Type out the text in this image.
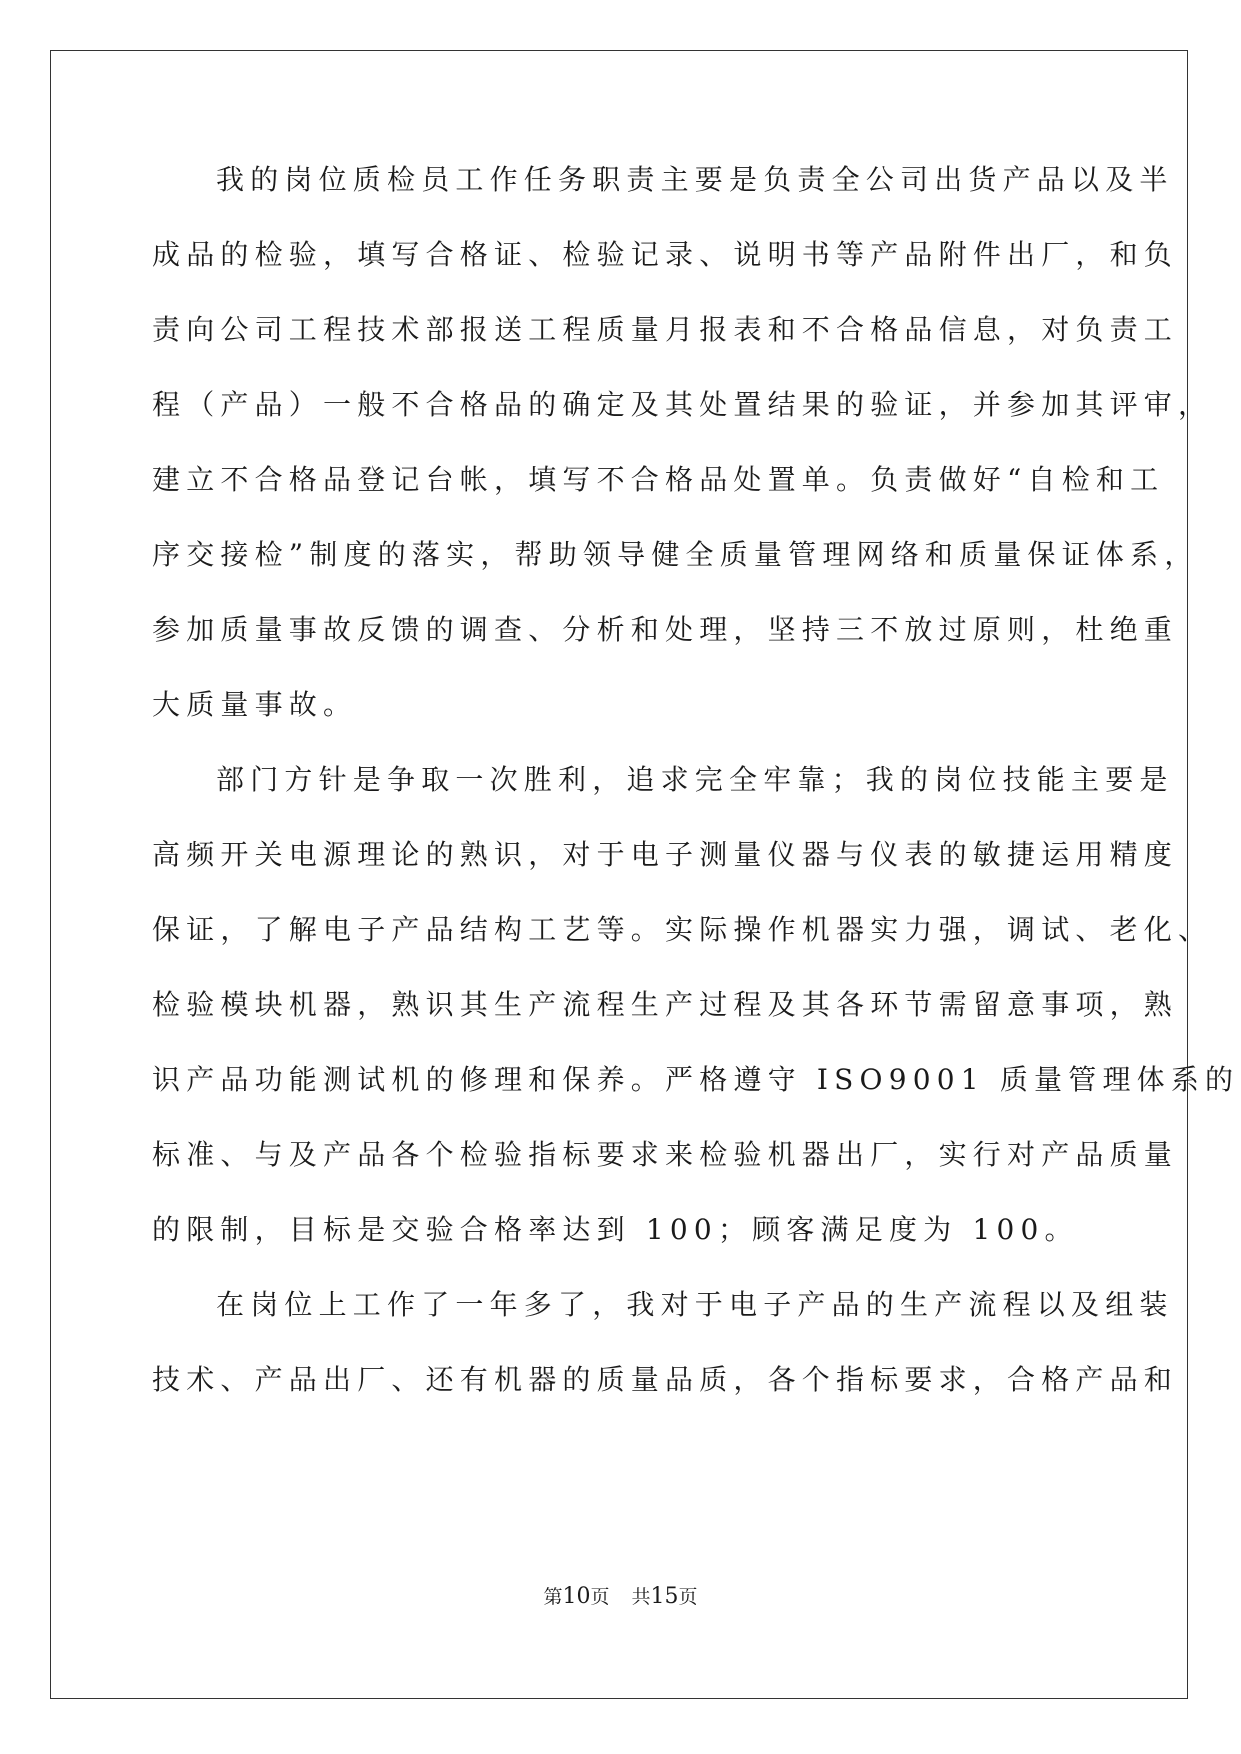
我的岗位质检员工作任务职责主要是负责全公司出货产品以及半
成品的检验，填写合格证、检验记录、说明书等产品附件出厂，和负
责向公司工程技术部报送工程质量月报表和不合格品信息，对负责工
程（产品）一般不合格品的确定及其处置结果的验证，并参加其评审，
建立不合格品登记台帐，填写不合格品处置单。负责做好“自检和工
序交接检”制度的落实，帮助领导健全质量管理网络和质量保证体系，
参加质量事故反馈的调查、分析和处理，坚持三不放过原则，杜绝重
大质量事故。
部门方针是争取一次胜利，追求完全牢靠；我的岗位技能主要是
高频开关电源理论的熟识，对于电子测量仪器与仪表的敏捷运用精度
保证，了解电子产品结构工艺等。实际操作机器实力强，调试、老化、
检验模块机器，熟识其生产流程生产过程及其各环节需留意事项，熟
识产品功能测试机的修理和保养。严格遵守 ISO9001 质量管理体系的
标准、与及产品各个检验指标要求来检验机器出厂，实行对产品质量
的限制，目标是交验合格率达到 100；顾客满足度为 100。
在岗位上工作了一年多了，我对于电子产品的生产流程以及组装
技术、产品出厂、还有机器的质量品质，各个指标要求，合格产品和
第10页 共15页
